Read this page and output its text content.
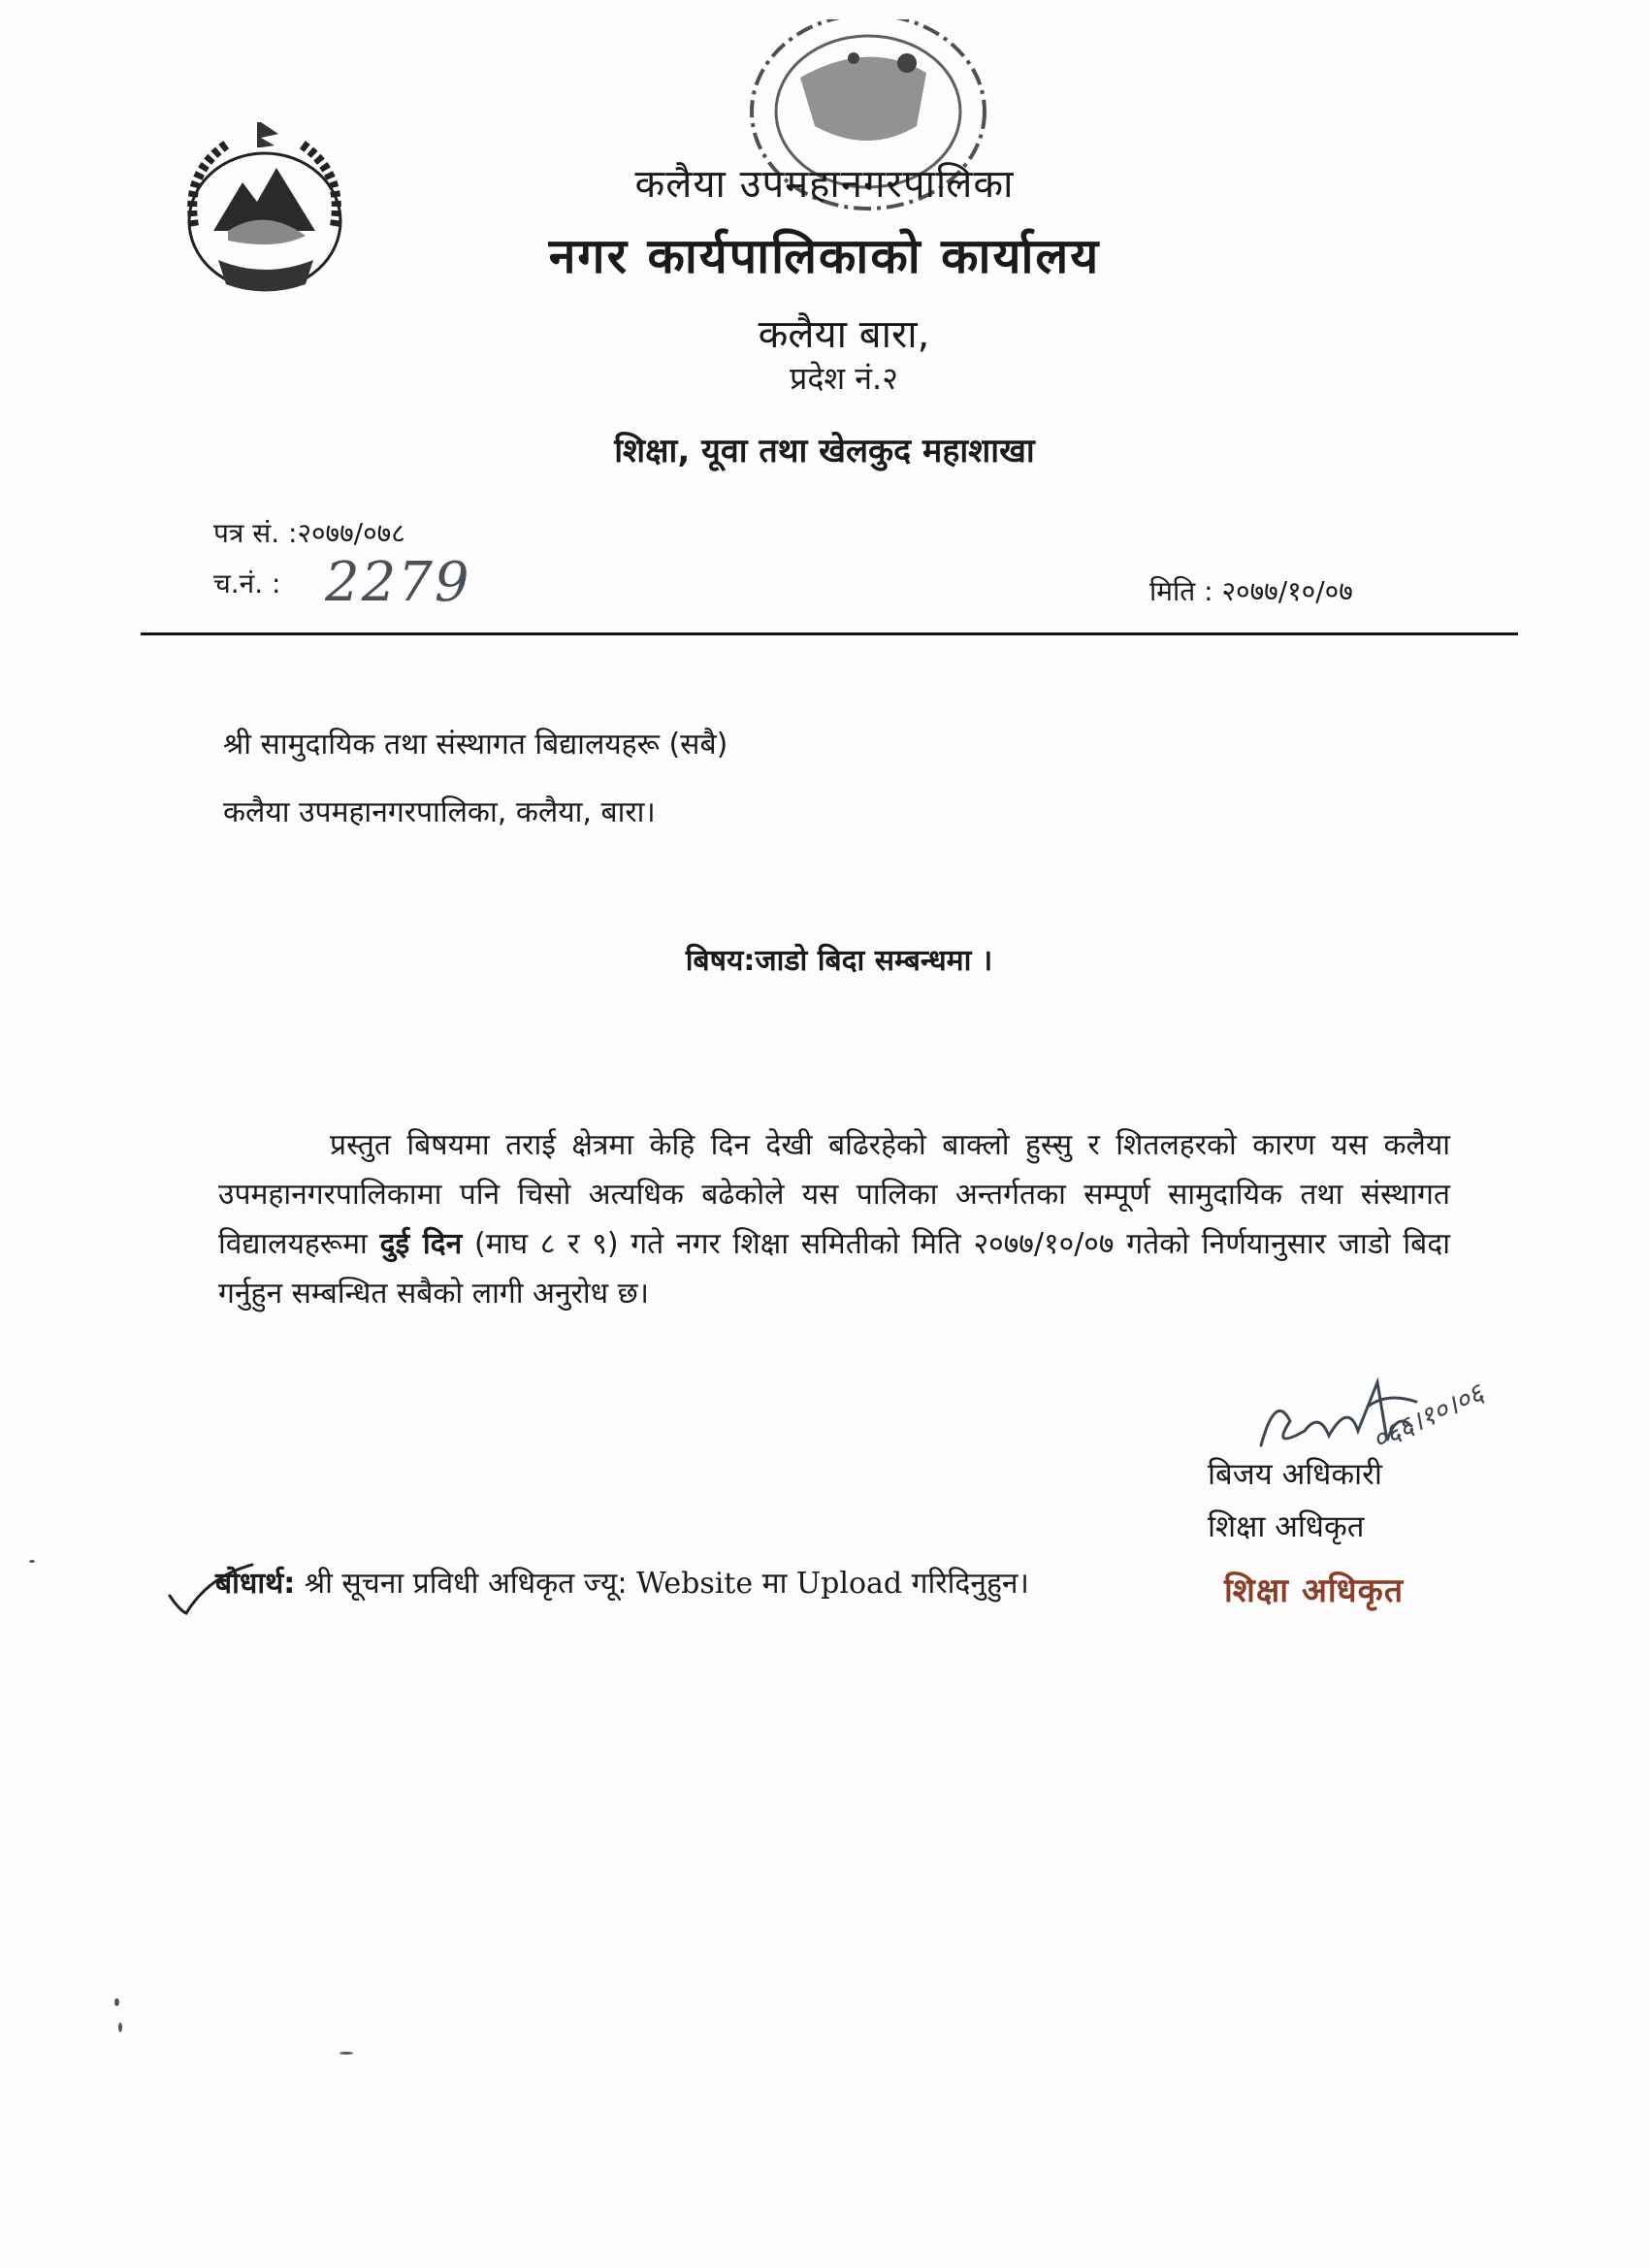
कलैया उपमहानगरपालिका
नगर कार्यपालिकाको कार्यालय
कलैया बारा,
प्रदेश नं.२
शिक्षा, यूवा तथा खेलकुद महाशाखा
पत्र सं. :२०७७/०७८
च.नं. : 2279	मिति : २०७७/१०/०७
श्री सामुदायिक तथा संस्थागत बिद्यालयहरू (सबै)
कलैया उपमहानगरपालिका, कलैया, बारा।
बिषय:जाडो बिदा सम्बन्धमा ।
प्रस्तुत बिषयमा तराई क्षेत्रमा केहि दिन देखी बढिरहेको बाक्लो हुस्सु र शितलहरको कारण यस कलैया उपमहानगरपालिकामा पनि चिसो अत्यधिक बढेकोले यस पालिका अन्तर्गतका सम्पूर्ण सामुदायिक तथा संस्थागत विद्यालयहरूमा दुई दिन (माघ ८ र ९) गते नगर शिक्षा समितीको मिति २०७७/१०/०७ गतेको निर्णयानुसार जाडो बिदा गर्नुहुन सम्बन्धित सबैको लागी अनुरोध छ।
०६६।१०।०६
बिजय अधिकारी
शिक्षा अधिकृत
शिक्षा अधिकृत
बोधार्थ: श्री सूचना प्रविधी अधिकृत ज्यू: Website मा Upload गरिदिनुहुन।
